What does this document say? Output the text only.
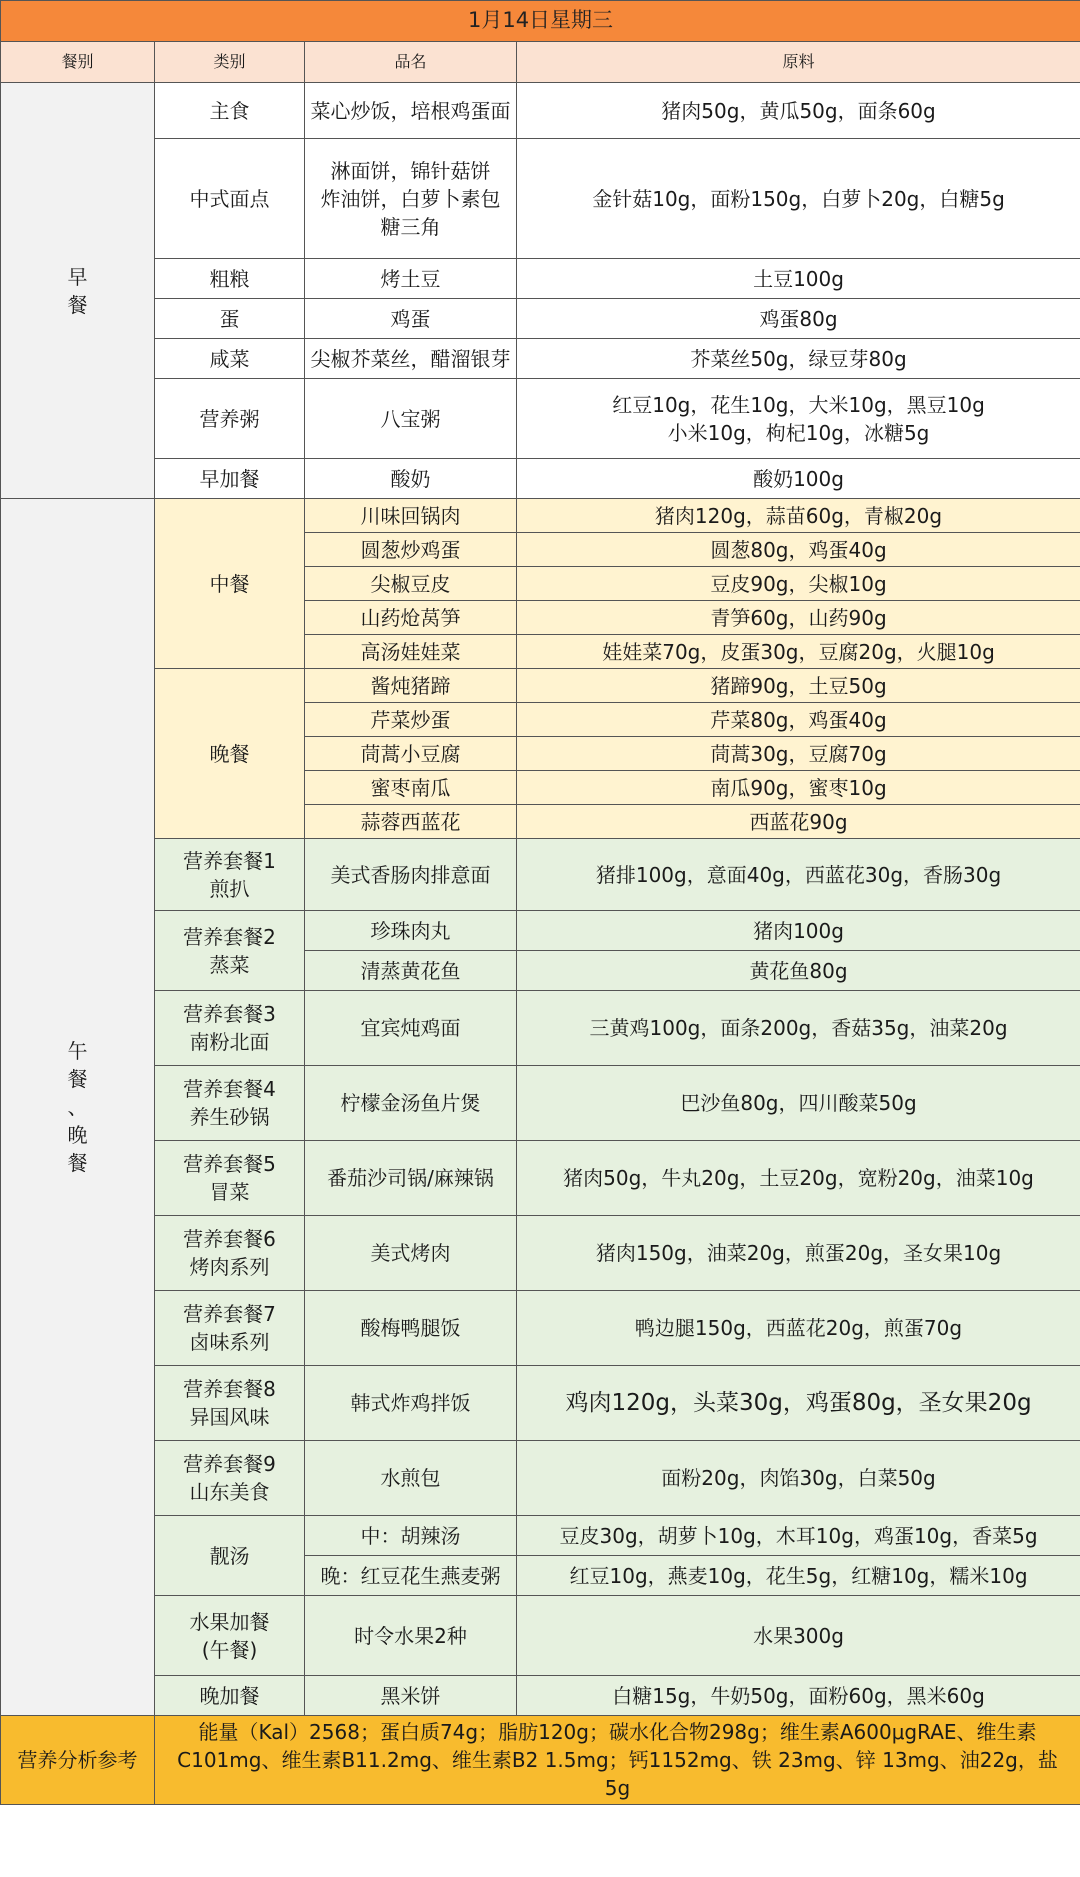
1月14日星期三			
餐别	类别	品名	原料

早
餐	主食	菜心炒饭，培根鸡蛋面	猪肉50g，黄瓜50g，面条60g

	中式面点	淋面饼，锦针菇饼
炸油饼，白萝卜素包
糖三角	金针菇10g，面粉150g，白萝卜20g，白糖5g

	粗粮	烤土豆	土豆100g

	蛋	鸡蛋	鸡蛋80g

	咸菜	尖椒芥菜丝，醋溜银芽	芥菜丝50g，绿豆芽80g

	营养粥	八宝粥	红豆10g，花生10g，大米10g，黑豆10g
小米10g，枸杞10g，冰糖5g

	早加餐	酸奶	酸奶100g

午
餐
、
晚
餐	中餐	川味回锅肉	猪肉120g，蒜苗60g，青椒20g
		圆葱炒鸡蛋	圆葱80g，鸡蛋40g
		尖椒豆皮	豆皮90g，尖椒10g
		山药炝莴笋	青笋60g，山药90g
		高汤娃娃菜	娃娃菜70g，皮蛋30g，豆腐20g，火腿10g
	晚餐	酱炖猪蹄	猪蹄90g，土豆50g
		芹菜炒蛋	芹菜80g，鸡蛋40g
		茼蒿小豆腐	茼蒿30g，豆腐70g
		蜜枣南瓜	南瓜90g，蜜枣10g
		蒜蓉西蓝花	西蓝花90g

	营养套餐1
煎扒	美式香肠肉排意面	猪排100g，意面40g，西蓝花30g，香肠30g

	营养套餐2
蒸菜	珍珠肉丸	猪肉100g
		清蒸黄花鱼	黄花鱼80g

	营养套餐3
南粉北面	宜宾炖鸡面	三黄鸡100g，面条200g，香菇35g，油菜20g

	营养套餐4
养生砂锅	柠檬金汤鱼片煲	巴沙鱼80g，四川酸菜50g

	营养套餐5
冒菜	番茄沙司锅/麻辣锅	猪肉50g，牛丸20g，土豆20g，宽粉20g，油菜10g

	营养套餐6
烤肉系列	美式烤肉	猪肉150g，油菜20g，煎蛋20g，圣女果10g

	营养套餐7
卤味系列	酸梅鸭腿饭	鸭边腿150g，西蓝花20g，煎蛋70g

	营养套餐8
异国风味	韩式炸鸡拌饭	鸡肉120g，头菜30g，鸡蛋80g，圣女果20g

	营养套餐9
山东美食	水煎包	面粉20g，肉馅30g，白菜50g

	靓汤	中：胡辣汤	豆皮30g，胡萝卜10g，木耳10g，鸡蛋10g，香菜5g
		晚：红豆花生燕麦粥	红豆10g，燕麦10g，花生5g，红糖10g，糯米10g

	水果加餐
(午餐)	时令水果2种	水果300g

	晚加餐	黑米饼	白糖15g，牛奶50g，面粉60g，黑米60g
营养分析参考	能量（Kal）2568；蛋白质74g；脂肪120g；碳水化合物298g；维生素A600μgRAE、维生素C101mg、维生素B11.2mg、维生素B2 1.5mg；钙1152mg、铁 23mg、锌 13mg、油22g，盐5g		
